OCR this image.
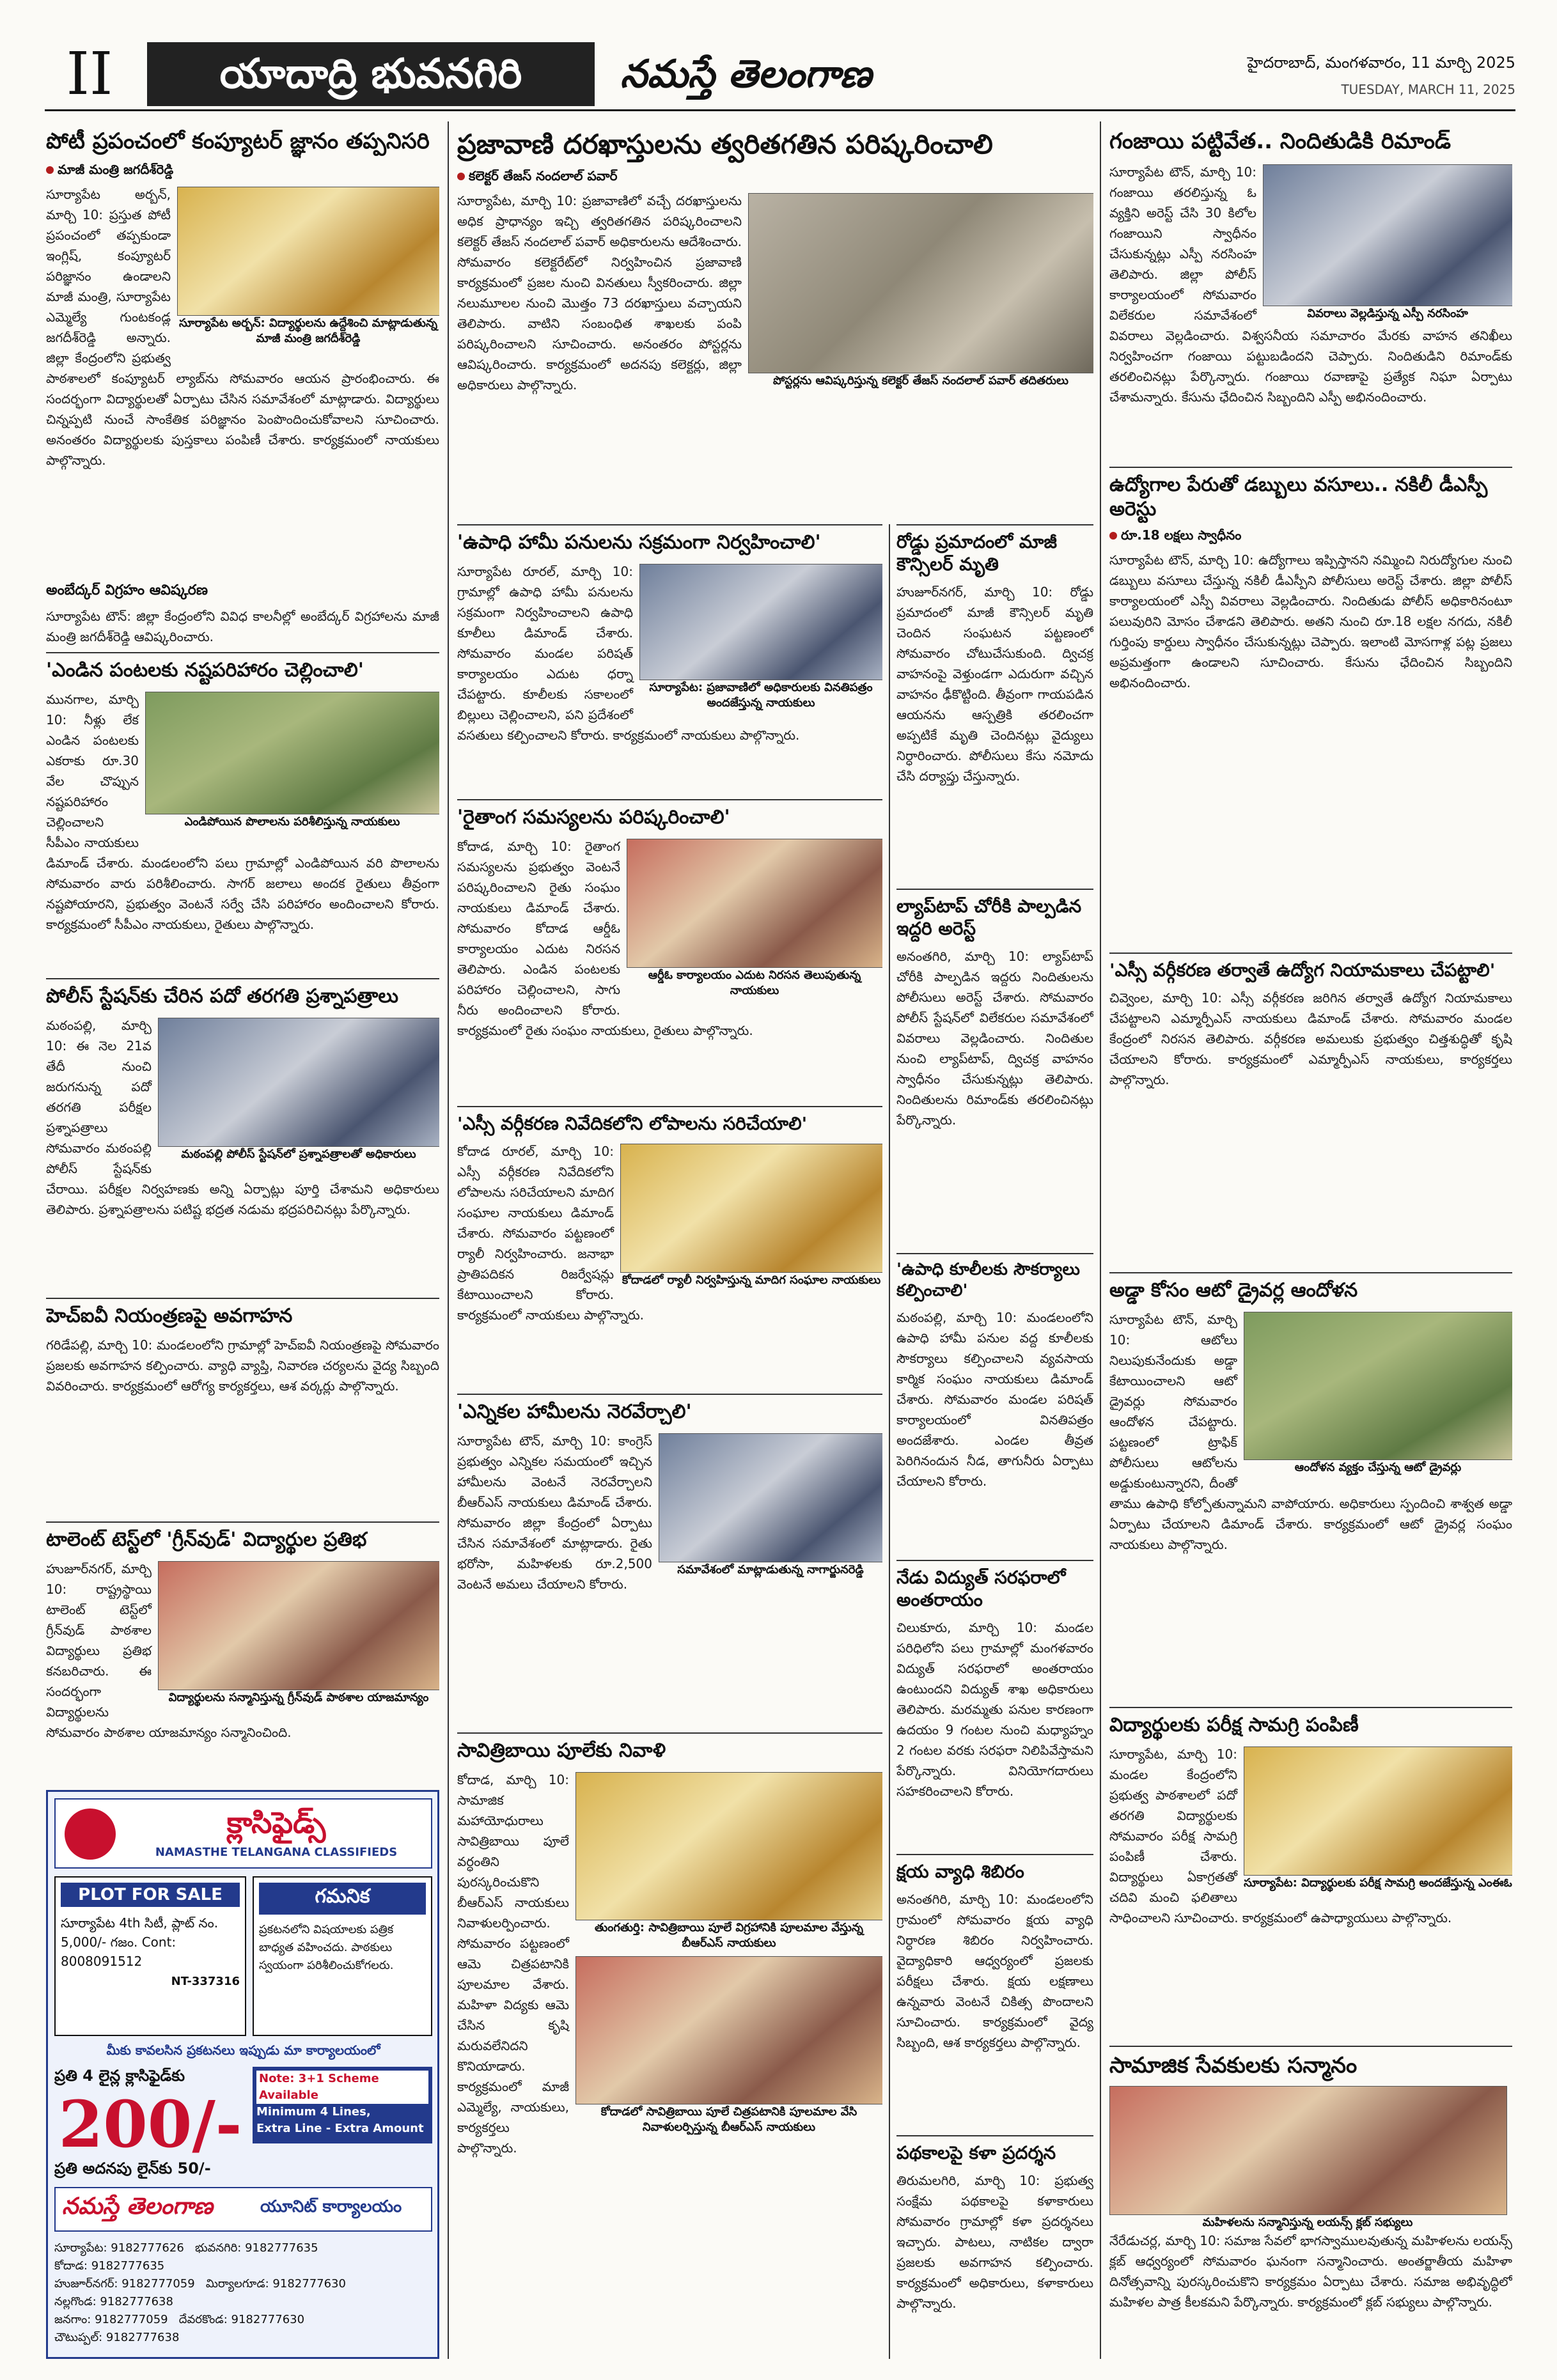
II	యాదాద్రి భువనగిరి	నమస్తే తెలంగాణ	హైదరాబాద్, మంగళవారం, 11 మార్చి 2025
TUESDAY, MARCH 11, 2025
పోటీ ప్రపంచంలో కంప్యూటర్ జ్ఞానం తప్పనిసరి
మాజీ మంత్రి జగదీశ్‌రెడ్డి
సూర్యాపేట అర్బన్: విద్యార్థులను ఉద్దేశించి మాట్లాడుతున్న మాజీ మంత్రి జగదీశ్‌రెడ్డి
సూర్యాపేట అర్బన్, మార్చి 10: ప్రస్తుత పోటీ ప్రపంచంలో తప్పకుండా ఇంగ్లిష్, కంప్యూటర్ పరిజ్ఞానం ఉండాలని మాజీ మంత్రి, సూర్యాపేట ఎమ్మెల్యే గుంటకండ్ల జగదీశ్‌రెడ్డి అన్నారు. జిల్లా కేంద్రంలోని ప్రభుత్వ పాఠశాలలో కంప్యూటర్ ల్యాబ్‌ను సోమవారం ఆయన ప్రారంభించారు. ఈ సందర్భంగా విద్యార్థులతో ఏర్పాటు చేసిన సమావేశంలో మాట్లాడారు. విద్యార్థులు చిన్నప్పటి నుంచే సాంకేతిక పరిజ్ఞానం పెంపొందించుకోవాలని సూచించారు. అనంతరం విద్యార్థులకు పుస్తకాలు పంపిణీ చేశారు. కార్యక్రమంలో నాయకులు పాల్గొన్నారు.
అంబేద్కర్ విగ్రహం ఆవిష్కరణ
సూర్యాపేట టౌన్: జిల్లా కేంద్రంలోని వివిధ కాలనీల్లో అంబేద్కర్ విగ్రహాలను మాజీ మంత్రి జగదీశ్‌రెడ్డి ఆవిష్కరించారు.
'ఎండిన పంటలకు నష్టపరిహారం చెల్లించాలి'
ఎండిపోయిన పొలాలను పరిశీలిస్తున్న నాయకులు
మునగాల, మార్చి 10: నీళ్లు లేక ఎండిన పంటలకు ఎకరాకు రూ.30 వేల చొప్పున నష్టపరిహారం చెల్లించాలని సీపీఎం నాయకులు డిమాండ్ చేశారు. మండలంలోని పలు గ్రామాల్లో ఎండిపోయిన వరి పొలాలను సోమవారం వారు పరిశీలించారు. సాగర్ జలాలు అందక రైతులు తీవ్రంగా నష్టపోయారని, ప్రభుత్వం వెంటనే సర్వే చేసి పరిహారం అందించాలని కోరారు. కార్యక్రమంలో సీపీఎం నాయకులు, రైతులు పాల్గొన్నారు.
పోలీస్ స్టేషన్‌కు చేరిన పదో తరగతి ప్రశ్నాపత్రాలు
మఠంపల్లి పోలీస్ స్టేషన్‌లో ప్రశ్నాపత్రాలతో అధికారులు
మఠంపల్లి, మార్చి 10: ఈ నెల 21వ తేదీ నుంచి జరుగనున్న పదో తరగతి పరీక్షల ప్రశ్నాపత్రాలు సోమవారం మఠంపల్లి పోలీస్ స్టేషన్‌కు చేరాయి. పరీక్షల నిర్వహణకు అన్ని ఏర్పాట్లు పూర్తి చేశామని అధికారులు తెలిపారు. ప్రశ్నాపత్రాలను పటిష్ట భద్రత నడుమ భద్రపరిచినట్లు పేర్కొన్నారు.
హెచ్‌ఐవీ నియంత్రణపై అవగాహన
గరిడేపల్లి, మార్చి 10: మండలంలోని గ్రామాల్లో హెచ్‌ఐవీ నియంత్రణపై సోమవారం ప్రజలకు అవగాహన కల్పించారు. వ్యాధి వ్యాప్తి, నివారణ చర్యలను వైద్య సిబ్బంది వివరించారు. కార్యక్రమంలో ఆరోగ్య కార్యకర్తలు, ఆశ వర్కర్లు పాల్గొన్నారు.
టాలెంట్ టెస్ట్‌లో 'గ్రీన్‌వుడ్' విద్యార్థుల ప్రతిభ
విద్యార్థులను సన్మానిస్తున్న గ్రీన్‌వుడ్ పాఠశాల యాజమాన్యం
హుజూర్‌నగర్, మార్చి 10: రాష్ట్రస్థాయి టాలెంట్ టెస్ట్‌లో గ్రీన్‌వుడ్ పాఠశాల విద్యార్థులు ప్రతిభ కనబరిచారు. ఈ సందర్భంగా విద్యార్థులను సోమవారం పాఠశాల యాజమాన్యం సన్మానించింది.
క్లాసిఫైడ్స్
NAMASTHE TELANGANA CLASSIFIEDS
PLOT FOR SALE
సూర్యాపేట 4th సిటీ, ప్లాట్ నం. 5,000/- గజం. Cont: 8008091512
NT-337316
గమనిక
ప్రకటనలోని విషయాలకు పత్రిక బాధ్యత వహించదు. పాఠకులు స్వయంగా పరిశీలించుకోగలరు.
మీకు కావలసిన ప్రకటనలు ఇప్పుడు మా కార్యాలయంలో
ప్రతి 4 లైన్ల క్లాసిఫైడ్‌కు	Note: 3+1 Scheme Available
Minimum 4 Lines,
Extra Line - Extra Amount
200/-
ప్రతి అదనపు లైన్‌కు 50/-
నమస్తే తెలంగాణ	యూనిట్ కార్యాలయం
సూర్యాపేట: 9182777626 భువనగిరి: 9182777635
కోదాడ: 9182777635
హుజూర్‌నగర్: 9182777059 మిర్యాలగూడ: 9182777630
నల్లగొండ: 9182777638
జనగాం: 9182777059 దేవరకొండ: 9182777630
చౌటుప్పల్: 9182777638
ప్రజావాణి దరఖాస్తులను త్వరితగతిన పరిష్కరించాలి
కలెక్టర్ తేజస్ నందలాల్ పవార్
పోస్టర్లను ఆవిష్కరిస్తున్న కలెక్టర్ తేజస్ నందలాల్ పవార్ తదితరులు
సూర్యాపేట, మార్చి 10: ప్రజావాణిలో వచ్చే దరఖాస్తులను అధిక ప్రాధాన్యం ఇచ్చి త్వరితగతిన పరిష్కరించాలని కలెక్టర్ తేజస్ నందలాల్ పవార్ అధికారులను ఆదేశించారు. సోమవారం కలెక్టరేట్‌లో నిర్వహించిన ప్రజావాణి కార్యక్రమంలో ప్రజల నుంచి వినతులు స్వీకరించారు. జిల్లా నలుమూలల నుంచి మొత్తం 73 దరఖాస్తులు వచ్చాయని తెలిపారు. వాటిని సంబంధిత శాఖలకు పంపి పరిష్కరించాలని సూచించారు. అనంతరం పోస్టర్లను ఆవిష్కరించారు. కార్యక్రమంలో అదనపు కలెక్టర్లు, జిల్లా అధికారులు పాల్గొన్నారు.
'ఉపాధి హామీ పనులను సక్రమంగా నిర్వహించాలి'
సూర్యాపేట: ప్రజావాణిలో అధికారులకు వినతిపత్రం అందజేస్తున్న నాయకులు
సూర్యాపేట రూరల్, మార్చి 10: గ్రామాల్లో ఉపాధి హామీ పనులను సక్రమంగా నిర్వహించాలని ఉపాధి కూలీలు డిమాండ్ చేశారు. సోమవారం మండల పరిషత్ కార్యాలయం ఎదుట ధర్నా చేపట్టారు. కూలీలకు సకాలంలో బిల్లులు చెల్లించాలని, పని ప్రదేశంలో వసతులు కల్పించాలని కోరారు. కార్యక్రమంలో నాయకులు పాల్గొన్నారు.
'రైతాంగ సమస్యలను పరిష్కరించాలి'
ఆర్డీఓ కార్యాలయం ఎదుట నిరసన తెలుపుతున్న నాయకులు
కోదాడ, మార్చి 10: రైతాంగ సమస్యలను ప్రభుత్వం వెంటనే పరిష్కరించాలని రైతు సంఘం నాయకులు డిమాండ్ చేశారు. సోమవారం కోదాడ ఆర్డీఓ కార్యాలయం ఎదుట నిరసన తెలిపారు. ఎండిన పంటలకు పరిహారం చెల్లించాలని, సాగు నీరు అందించాలని కోరారు. కార్యక్రమంలో రైతు సంఘం నాయకులు, రైతులు పాల్గొన్నారు.
'ఎస్సీ వర్గీకరణ నివేదికలోని లోపాలను సరిచేయాలి'
కోదాడలో ర్యాలీ నిర్వహిస్తున్న మాదిగ సంఘాల నాయకులు
కోదాడ రూరల్, మార్చి 10: ఎస్సీ వర్గీకరణ నివేదికలోని లోపాలను సరిచేయాలని మాదిగ సంఘాల నాయకులు డిమాండ్ చేశారు. సోమవారం పట్టణంలో ర్యాలీ నిర్వహించారు. జనాభా ప్రాతిపదికన రిజర్వేషన్లు కేటాయించాలని కోరారు. కార్యక్రమంలో నాయకులు పాల్గొన్నారు.
'ఎన్నికల హామీలను నెరవేర్చాలి'
సమావేశంలో మాట్లాడుతున్న నాగార్జునరెడ్డి
సూర్యాపేట టౌన్, మార్చి 10: కాంగ్రెస్ ప్రభుత్వం ఎన్నికల సమయంలో ఇచ్చిన హామీలను వెంటనే నెరవేర్చాలని బీఆర్‌ఎస్ నాయకులు డిమాండ్ చేశారు. సోమవారం జిల్లా కేంద్రంలో ఏర్పాటు చేసిన సమావేశంలో మాట్లాడారు. రైతు భరోసా, మహిళలకు రూ.2,500 వెంటనే అమలు చేయాలని కోరారు.
సావిత్రిబాయి పూలేకు నివాళి
తుంగతుర్తి: సావిత్రిబాయి పూలే విగ్రహానికి పూలమాల వేస్తున్న బీఆర్‌ఎస్ నాయకులు
కోదాడలో సావిత్రిబాయి పూలే చిత్రపటానికి పూలమాల వేసి నివాళులర్పిస్తున్న బీఆర్‌ఎస్ నాయకులు
కోదాడ, మార్చి 10: సామాజిక మహాయోధురాలు సావిత్రిబాయి పూలే వర్ధంతిని పురస్కరించుకొని బీఆర్‌ఎస్ నాయకులు నివాళులర్పించారు. సోమవారం పట్టణంలో ఆమె చిత్రపటానికి పూలమాల వేశారు. మహిళా విద్యకు ఆమె చేసిన కృషి మరువలేనిదని కొనియాడారు. కార్యక్రమంలో మాజీ ఎమ్మెల్యే, నాయకులు, కార్యకర్తలు పాల్గొన్నారు.
రోడ్డు ప్రమాదంలో మాజీ కౌన్సిలర్ మృతి
హుజూర్‌నగర్, మార్చి 10: రోడ్డు ప్రమాదంలో మాజీ కౌన్సిలర్ మృతి చెందిన సంఘటన పట్టణంలో సోమవారం చోటుచేసుకుంది. ద్విచక్ర వాహనంపై వెళ్తుండగా ఎదురుగా వచ్చిన వాహనం ఢీకొట్టింది. తీవ్రంగా గాయపడిన ఆయనను ఆస్పత్రికి తరలించగా అప్పటికే మృతి చెందినట్లు వైద్యులు నిర్ధారించారు. పోలీసులు కేసు నమోదు చేసి దర్యాప్తు చేస్తున్నారు.
ల్యాప్‌టాప్ చోరీకి పాల్పడిన ఇద్దరి అరెస్ట్
అనంతగిరి, మార్చి 10: ల్యాప్‌టాప్ చోరీకి పాల్పడిన ఇద్దరు నిందితులను పోలీసులు అరెస్ట్ చేశారు. సోమవారం పోలీస్ స్టేషన్‌లో విలేకరుల సమావేశంలో వివరాలు వెల్లడించారు. నిందితుల నుంచి ల్యాప్‌టాప్, ద్విచక్ర వాహనం స్వాధీనం చేసుకున్నట్లు తెలిపారు. నిందితులను రిమాండ్‌కు తరలించినట్లు పేర్కొన్నారు.
'ఉపాధి కూలీలకు సౌకర్యాలు కల్పించాలి'
మఠంపల్లి, మార్చి 10: మండలంలోని ఉపాధి హామీ పనుల వద్ద కూలీలకు సౌకర్యాలు కల్పించాలని వ్యవసాయ కార్మిక సంఘం నాయకులు డిమాండ్ చేశారు. సోమవారం మండల పరిషత్ కార్యాలయంలో వినతిపత్రం అందజేశారు. ఎండల తీవ్రత పెరిగినందున నీడ, తాగునీరు ఏర్పాటు చేయాలని కోరారు.
నేడు విద్యుత్ సరఫరాలో అంతరాయం
చిలుకూరు, మార్చి 10: మండల పరిధిలోని పలు గ్రామాల్లో మంగళవారం విద్యుత్ సరఫరాలో అంతరాయం ఉంటుందని విద్యుత్ శాఖ అధికారులు తెలిపారు. మరమ్మతు పనుల కారణంగా ఉదయం 9 గంటల నుంచి మధ్యాహ్నం 2 గంటల వరకు సరఫరా నిలిపివేస్తామని పేర్కొన్నారు. వినియోగదారులు సహకరించాలని కోరారు.
క్షయ వ్యాధి శిబిరం
అనంతగిరి, మార్చి 10: మండలంలోని గ్రామంలో సోమవారం క్షయ వ్యాధి నిర్ధారణ శిబిరం నిర్వహించారు. వైద్యాధికారి ఆధ్వర్యంలో ప్రజలకు పరీక్షలు చేశారు. క్షయ లక్షణాలు ఉన్నవారు వెంటనే చికిత్స పొందాలని సూచించారు. కార్యక్రమంలో వైద్య సిబ్బంది, ఆశ కార్యకర్తలు పాల్గొన్నారు.
పథకాలపై కళా ప్రదర్శన
తిరుమలగిరి, మార్చి 10: ప్రభుత్వ సంక్షేమ పథకాలపై కళాకారులు సోమవారం గ్రామాల్లో కళా ప్రదర్శనలు ఇచ్చారు. పాటలు, నాటికల ద్వారా ప్రజలకు అవగాహన కల్పించారు. కార్యక్రమంలో అధికారులు, కళాకారులు పాల్గొన్నారు.
గంజాయి పట్టివేత.. నిందితుడికి రిమాండ్
వివరాలు వెల్లడిస్తున్న ఎస్పీ నరసింహ
సూర్యాపేట టౌన్, మార్చి 10: గంజాయి తరలిస్తున్న ఓ వ్యక్తిని అరెస్ట్ చేసి 30 కిలోల గంజాయిని స్వాధీనం చేసుకున్నట్లు ఎస్పీ నరసింహ తెలిపారు. జిల్లా పోలీస్ కార్యాలయంలో సోమవారం విలేకరుల సమావేశంలో వివరాలు వెల్లడించారు. విశ్వసనీయ సమాచారం మేరకు వాహన తనిఖీలు నిర్వహించగా గంజాయి పట్టుబడిందని చెప్పారు. నిందితుడిని రిమాండ్‌కు తరలించినట్లు పేర్కొన్నారు. గంజాయి రవాణాపై ప్రత్యేక నిఘా ఏర్పాటు చేశామన్నారు. కేసును ఛేదించిన సిబ్బందిని ఎస్పీ అభినందించారు.
ఉద్యోగాల పేరుతో డబ్బులు వసూలు.. నకిలీ డీఎస్పీ అరెస్టు
రూ.18 లక్షలు స్వాధీనం
సూర్యాపేట టౌన్, మార్చి 10: ఉద్యోగాలు ఇప్పిస్తానని నమ్మించి నిరుద్యోగుల నుంచి డబ్బులు వసూలు చేస్తున్న నకిలీ డీఎస్పీని పోలీసులు అరెస్ట్ చేశారు. జిల్లా పోలీస్ కార్యాలయంలో ఎస్పీ వివరాలు వెల్లడించారు. నిందితుడు పోలీస్ అధికారినంటూ పలువురిని మోసం చేశాడని తెలిపారు. అతని నుంచి రూ.18 లక్షల నగదు, నకిలీ గుర్తింపు కార్డులు స్వాధీనం చేసుకున్నట్లు చెప్పారు. ఇలాంటి మోసగాళ్ల పట్ల ప్రజలు అప్రమత్తంగా ఉండాలని సూచించారు. కేసును ఛేదించిన సిబ్బందిని అభినందించారు.
'ఎస్సీ వర్గీకరణ తర్వాతే ఉద్యోగ నియామకాలు చేపట్టాలి'
చివ్వెంల, మార్చి 10: ఎస్సీ వర్గీకరణ జరిగిన తర్వాతే ఉద్యోగ నియామకాలు చేపట్టాలని ఎమ్మార్పీఎస్ నాయకులు డిమాండ్ చేశారు. సోమవారం మండల కేంద్రంలో నిరసన తెలిపారు. వర్గీకరణ అమలుకు ప్రభుత్వం చిత్తశుద్ధితో కృషి చేయాలని కోరారు. కార్యక్రమంలో ఎమ్మార్పీఎస్ నాయకులు, కార్యకర్తలు పాల్గొన్నారు.
అడ్డా కోసం ఆటో డ్రైవర్ల ఆందోళన
ఆందోళన వ్యక్తం చేస్తున్న ఆటో డ్రైవర్లు
సూర్యాపేట టౌన్, మార్చి 10: ఆటోలు నిలుపుకునేందుకు అడ్డా కేటాయించాలని ఆటో డ్రైవర్లు సోమవారం ఆందోళన చేపట్టారు. పట్టణంలో ట్రాఫిక్ పోలీసులు ఆటోలను అడ్డుకుంటున్నారని, దీంతో తాము ఉపాధి కోల్పోతున్నామని వాపోయారు. అధికారులు స్పందించి శాశ్వత అడ్డా ఏర్పాటు చేయాలని డిమాండ్ చేశారు. కార్యక్రమంలో ఆటో డ్రైవర్ల సంఘం నాయకులు పాల్గొన్నారు.
విద్యార్థులకు పరీక్ష సామగ్రి పంపిణీ
సూర్యాపేట: విద్యార్థులకు పరీక్ష సామగ్రి అందజేస్తున్న ఎంఈఓ
సూర్యాపేట, మార్చి 10: మండల కేంద్రంలోని ప్రభుత్వ పాఠశాలలో పదో తరగతి విద్యార్థులకు సోమవారం పరీక్ష సామగ్రి పంపిణీ చేశారు. విద్యార్థులు ఏకాగ్రతతో చదివి మంచి ఫలితాలు సాధించాలని సూచించారు. కార్యక్రమంలో ఉపాధ్యాయులు పాల్గొన్నారు.
సామాజిక సేవకులకు సన్మానం
మహిళలను సన్మానిస్తున్న లయన్స్ క్లబ్ సభ్యులు
నేరేడుచర్ల, మార్చి 10: సమాజ సేవలో భాగస్వాములవుతున్న మహిళలను లయన్స్ క్లబ్ ఆధ్వర్యంలో సోమవారం ఘనంగా సన్మానించారు. అంతర్జాతీయ మహిళా దినోత్సవాన్ని పురస్కరించుకొని కార్యక్రమం ఏర్పాటు చేశారు. సమాజ అభివృద్ధిలో మహిళల పాత్ర కీలకమని పేర్కొన్నారు. కార్యక్రమంలో క్లబ్ సభ్యులు పాల్గొన్నారు.
